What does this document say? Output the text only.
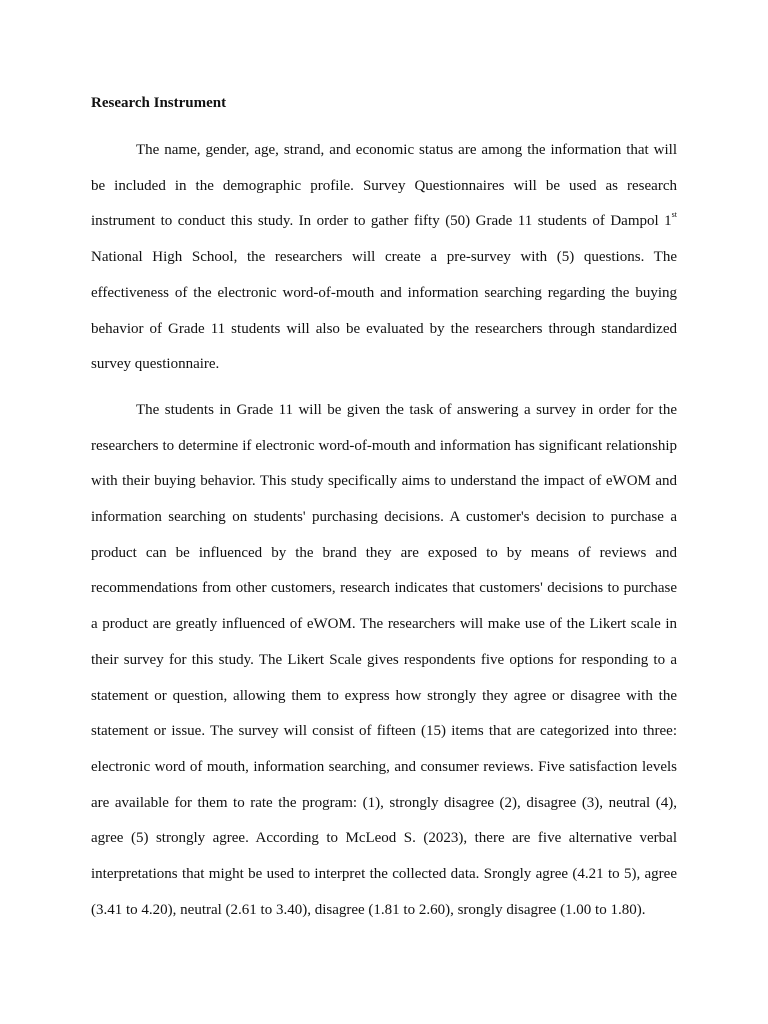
Research Instrument

The name, gender, age, strand, and economic status are among the information that will be included in the demographic profile. Survey Questionnaires will be used as research instrument to conduct this study. In order to gather fifty (50) Grade 11 students of Dampol 1st National High School, the researchers will create a pre-survey with (5) questions. The effectiveness of the electronic word-of-mouth and information searching regarding the buying behavior of Grade 11 students will also be evaluated by the researchers through standardized survey questionnaire.

The students in Grade 11 will be given the task of answering a survey in order for the researchers to determine if electronic word-of-mouth and information has significant relationship with their buying behavior. This study specifically aims to understand the impact of eWOM and information searching on students' purchasing decisions. A customer's decision to purchase a product can be influenced by the brand they are exposed to by means of reviews and recommendations from other customers, research indicates that customers' decisions to purchase a product are greatly influenced of eWOM. The researchers will make use of the Likert scale in their survey for this study. The Likert Scale gives respondents five options for responding to a statement or question, allowing them to express how strongly they agree or disagree with the statement or issue. The survey will consist of fifteen (15) items that are categorized into three: electronic word of mouth, information searching, and consumer reviews. Five satisfaction levels are available for them to rate the program: (1), strongly disagree (2), disagree (3), neutral (4), agree (5) strongly agree. According to McLeod S. (2023), there are five alternative verbal interpretations that might be used to interpret the collected data. Srongly agree (4.21 to 5), agree (3.41 to 4.20), neutral (2.61 to 3.40), disagree (1.81 to 2.60), srongly disagree (1.00 to 1.80).
